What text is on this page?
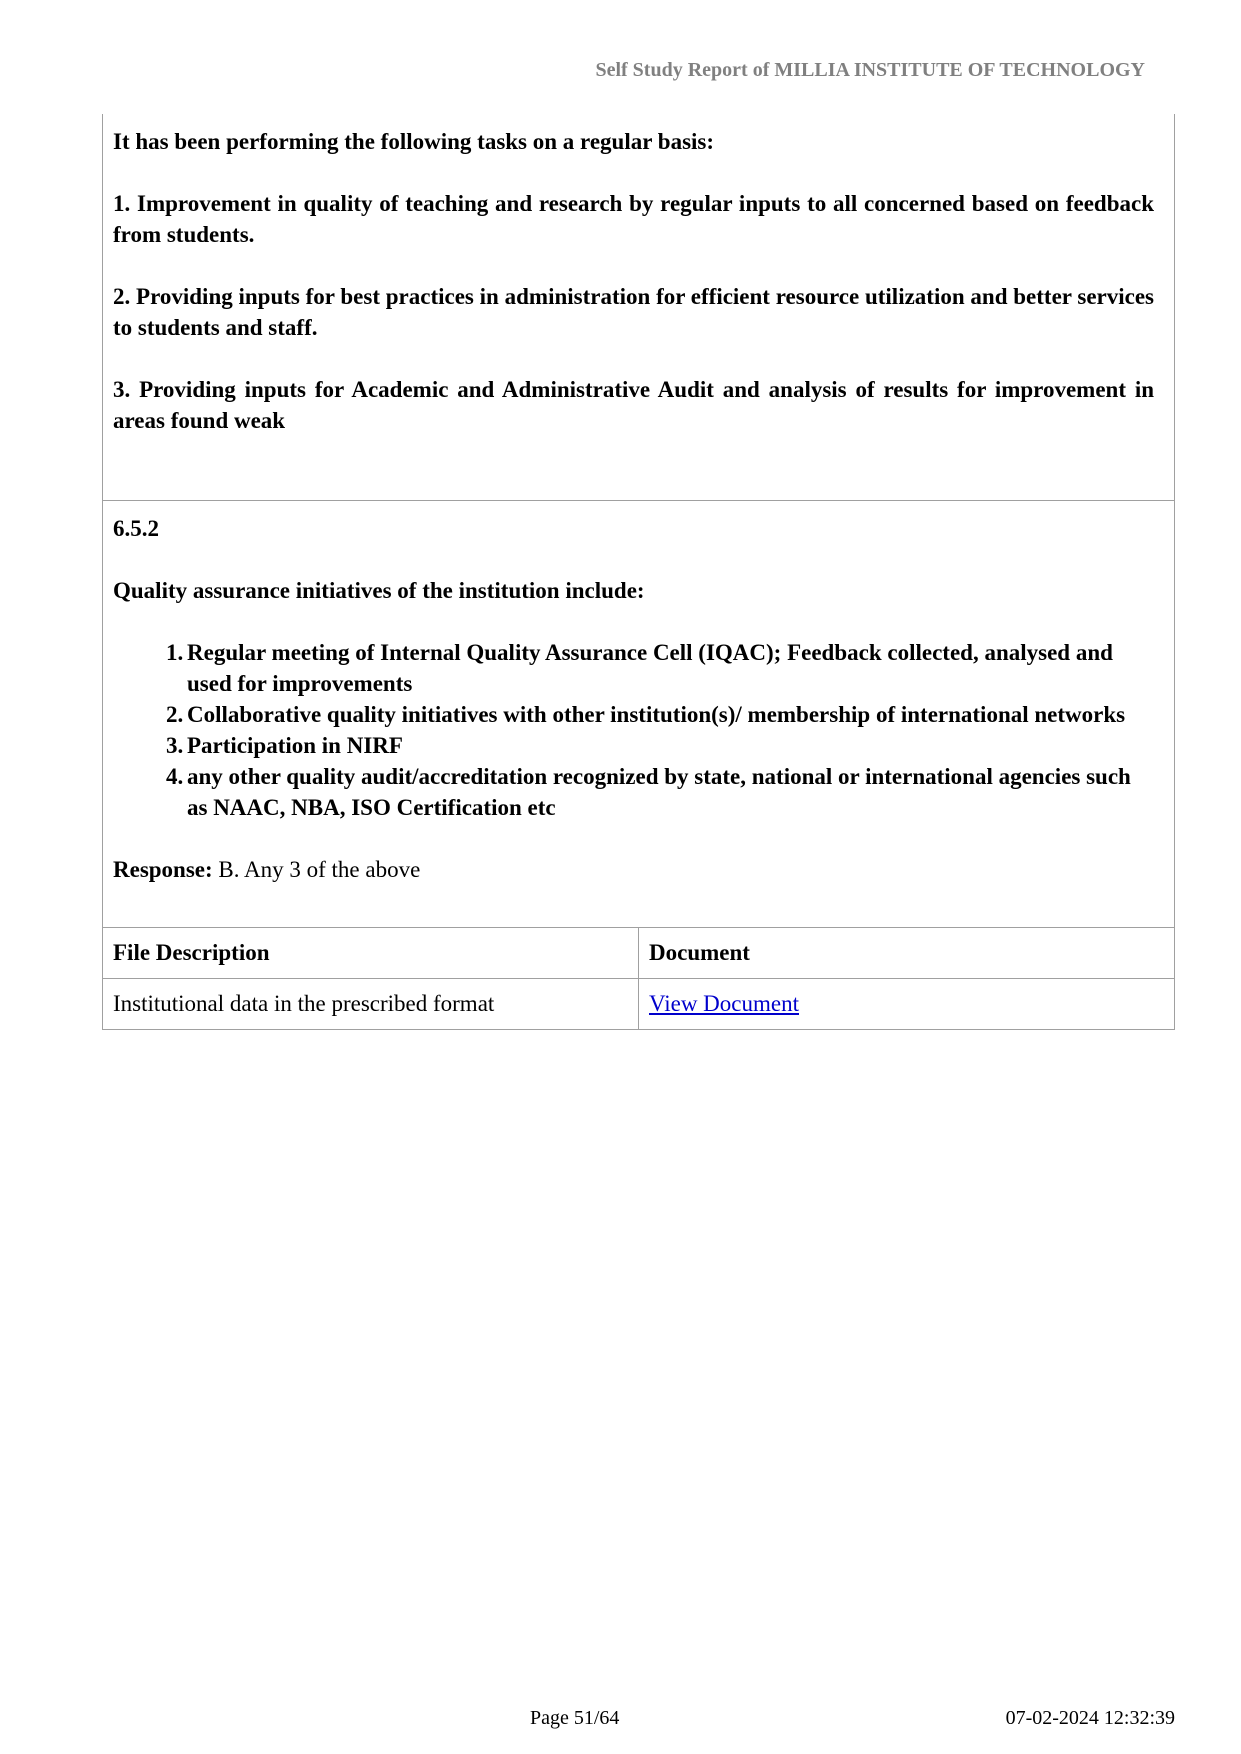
Self Study Report of MILLIA INSTITUTE OF TECHNOLOGY

It has been performing the following tasks on a regular basis:

1. Improvement in quality of teaching and research by regular inputs to all concerned based on feedback from students.

2. Providing inputs for best practices in administration for efficient resource utilization and better services to students and staff.

3. Providing inputs for Academic and Administrative Audit and analysis of results for improvement in areas found weak

6.5.2

Quality assurance initiatives of the institution include:

1. Regular meeting of Internal Quality Assurance Cell (IQAC); Feedback collected, analysed and used for improvements
2. Collaborative quality initiatives with other institution(s)/ membership of international networks
3. Participation in NIRF
4. any other quality audit/accreditation recognized by state, national or international agencies such as NAAC, NBA, ISO Certification etc

Response: B. Any 3 of the above

File Description	Document
Institutional data in the prescribed format	View Document
Page 51/64	07-02-2024 12:32:39
